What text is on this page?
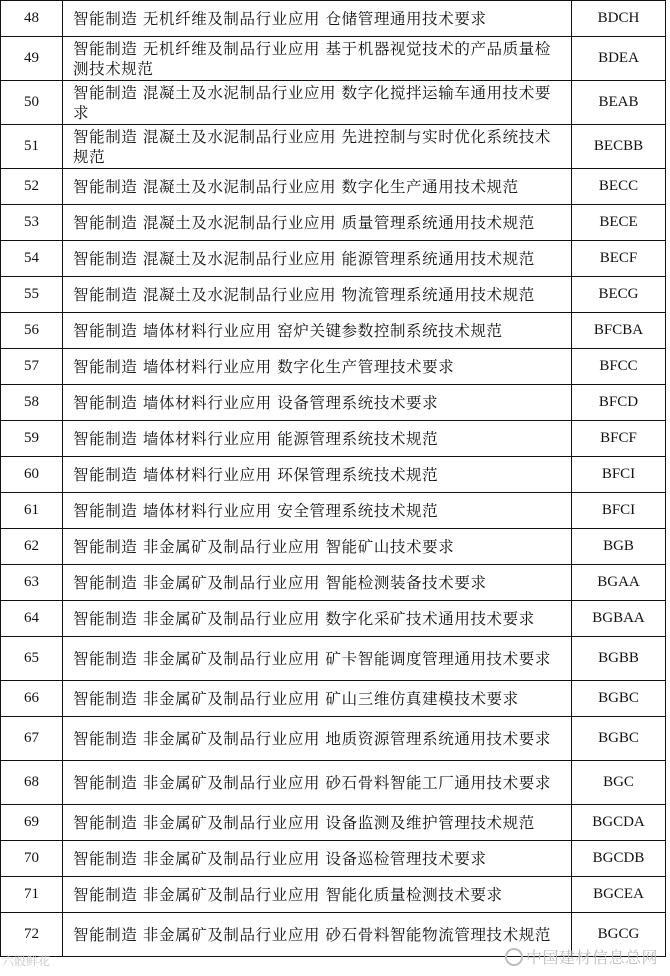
48	智能制造 无机纤维及制品行业应用 仓储管理通用技术要求	BDCH
49	智能制造 无机纤维及制品行业应用 基于机器视觉技术的产品质量检测技术规范	BDEA
50	智能制造 混凝土及水泥制品行业应用 数字化搅拌运输车通用技术要求	BEAB
51	智能制造 混凝土及水泥制品行业应用 先进控制与实时优化系统技术规范	BECBB
52	智能制造 混凝土及水泥制品行业应用 数字化生产通用技术规范	BECC
53	智能制造 混凝土及水泥制品行业应用 质量管理系统通用技术规范	BECE
54	智能制造 混凝土及水泥制品行业应用 能源管理系统通用技术规范	BECF
55	智能制造 混凝土及水泥制品行业应用 物流管理系统通用技术规范	BECG
56	智能制造 墙体材料行业应用 窑炉关键参数控制系统技术规范	BFCBA
57	智能制造 墙体材料行业应用 数字化生产管理技术要求	BFCC
58	智能制造 墙体材料行业应用 设备管理系统技术要求	BFCD
59	智能制造 墙体材料行业应用 能源管理系统技术规范	BFCF
60	智能制造 墙体材料行业应用 环保管理系统技术规范	BFCI
61	智能制造 墙体材料行业应用 安全管理系统技术规范	BFCI
62	智能制造 非金属矿及制品行业应用 智能矿山技术要求	BGB
63	智能制造 非金属矿及制品行业应用 智能检测装备技术要求	BGAA
64	智能制造 非金属矿及制品行业应用 数字化采矿技术通用技术要求	BGBAA
65	智能制造 非金属矿及制品行业应用 矿卡智能调度管理通用技术要求	BGBB
66	智能制造 非金属矿及制品行业应用 矿山三维仿真建模技术要求	BGBC
67	智能制造 非金属矿及制品行业应用 地质资源管理系统通用技术要求	BGBC
68	智能制造 非金属矿及制品行业应用 砂石骨料智能工厂通用技术要求	BGC
69	智能制造 非金属矿及制品行业应用 设备监测及维护管理技术规范	BGCDA
70	智能制造 非金属矿及制品行业应用 设备巡检管理技术要求	BGCDB
71	智能制造 非金属矿及制品行业应用 智能化质量检测技术要求	BGCEA
72	智能制造 非金属矿及制品行业应用 砂石骨料智能物流管理技术规范	BGCG
六骰鲜花	中国建材信息总网
